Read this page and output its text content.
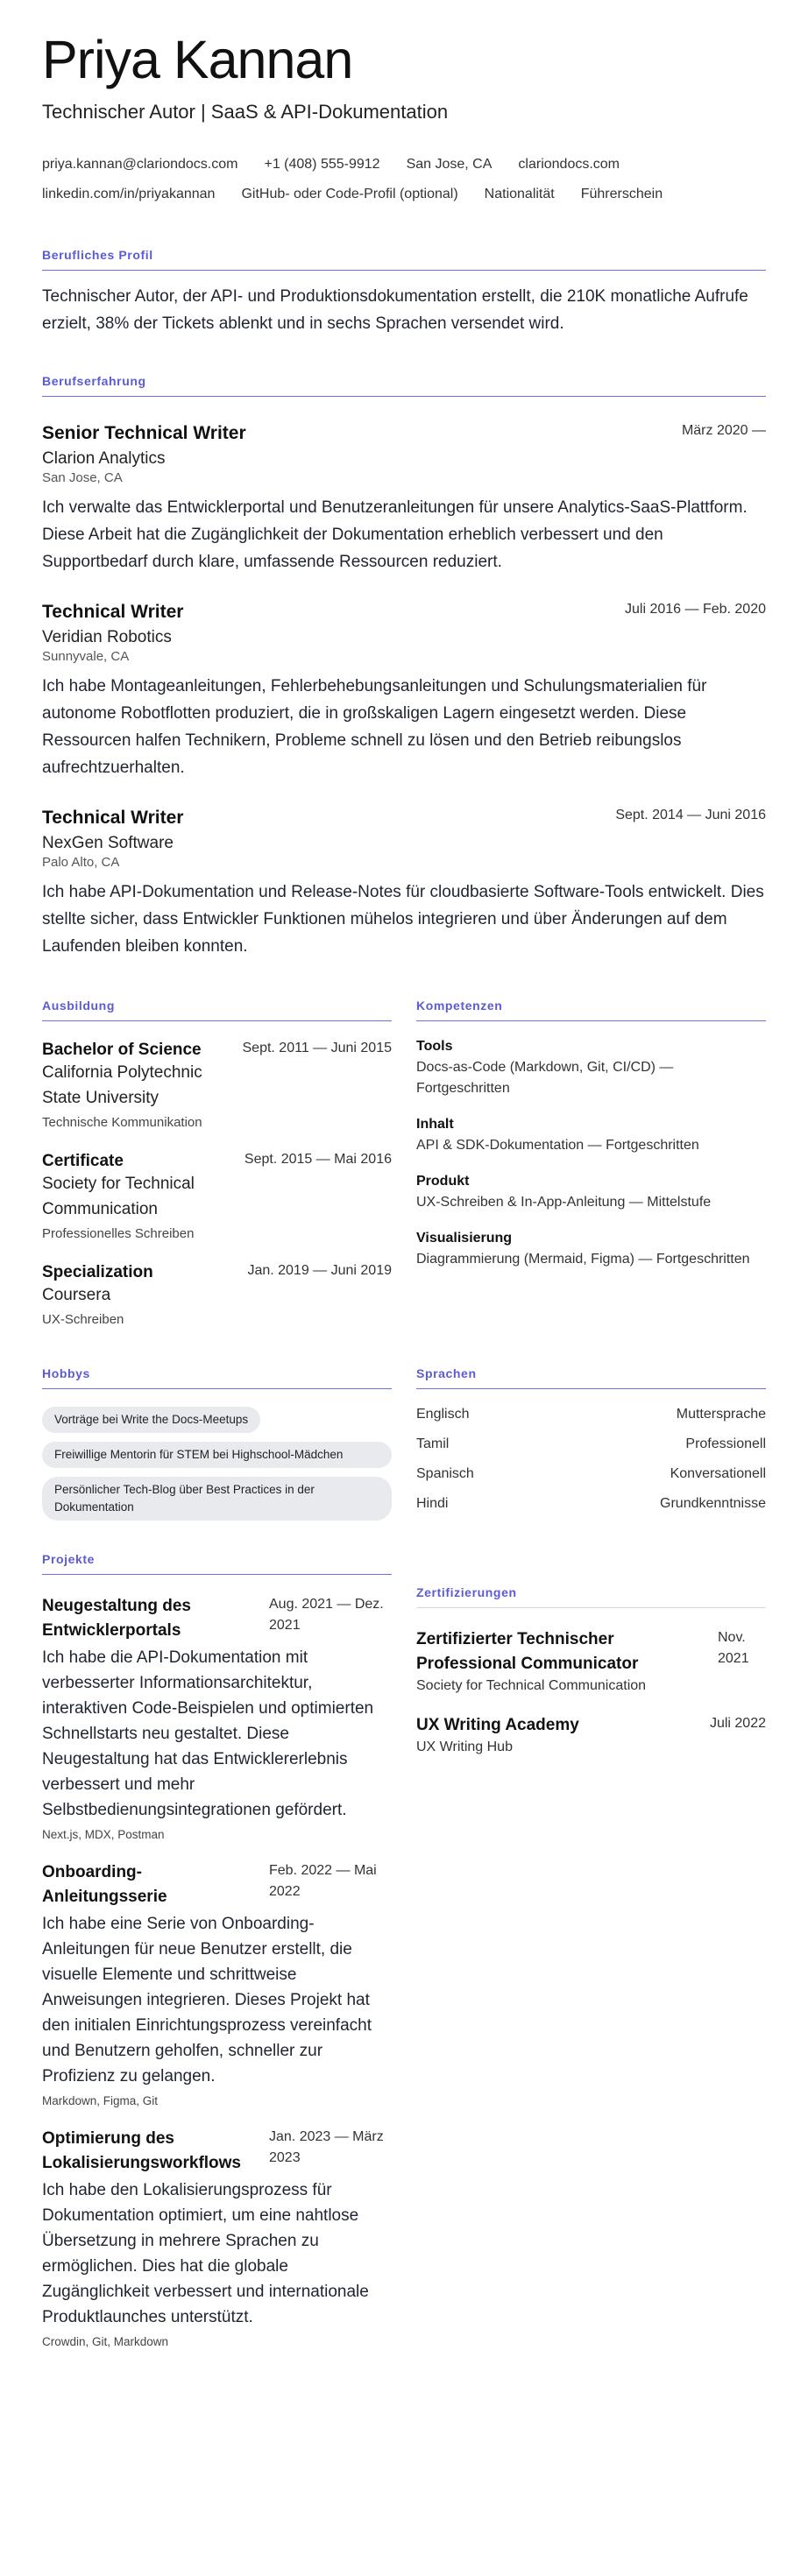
Priya Kannan
Technischer Autor | SaaS & API-Dokumentation
priya.kannan@clariondocs.com +1 (408) 555-9912 San Jose, CA clariondocs.com
linkedin.com/in/priyakannan GitHub- oder Code-Profil (optional) Nationalität Führerschein
Berufliches Profil
Technischer Autor, der API- und Produktionsdokumentation erstellt, die 210K monatliche Aufrufe erzielt, 38% der Tickets ablenkt und in sechs Sprachen versendet wird.
Berufserfahrung
Senior Technical Writer	März 2020 —
Clarion Analytics
San Jose, CA
Ich verwalte das Entwicklerportal und Benutzeranleitungen für unsere Analytics-SaaS-Plattform. Diese Arbeit hat die Zugänglichkeit der Dokumentation erheblich verbessert und den Supportbedarf durch klare, umfassende Ressourcen reduziert.
Technical Writer	Juli 2016 — Feb. 2020
Veridian Robotics
Sunnyvale, CA
Ich habe Montageanleitungen, Fehlerbehebungsanleitungen und Schulungsmaterialien für autonome Robotflotten produziert, die in großskaligen Lagern eingesetzt werden. Diese Ressourcen halfen Technikern, Probleme schnell zu lösen und den Betrieb reibungslos aufrechtzuerhalten.
Technical Writer	Sept. 2014 — Juni 2016
NexGen Software
Palo Alto, CA
Ich habe API-Dokumentation und Release-Notes für cloudbasierte Software-Tools entwickelt. Dies stellte sicher, dass Entwickler Funktionen mühelos integrieren und über Änderungen auf dem Laufenden bleiben konnten.
Ausbildung
Bachelor of Science
California Polytechnic State University
Technische Kommunikation
Sept. 2011 — Juni 2015
Certificate
Society for Technical Communication
Professionelles Schreiben
Sept. 2015 — Mai 2016
Specialization
Coursera
UX-Schreiben
Jan. 2019 — Juni 2019
Kompetenzen
Tools
Docs-as-Code (Markdown, Git, CI/CD) — Fortgeschritten
Inhalt
API & SDK-Dokumentation — Fortgeschritten
Produkt
UX-Schreiben & In-App-Anleitung — Mittelstufe
Visualisierung
Diagrammierung (Mermaid, Figma) — Fortgeschritten
Hobbys
Vorträge bei Write the Docs-Meetups
Freiwillige Mentorin für STEM bei Highschool-Mädchen
Persönlicher Tech-Blog über Best Practices in der Dokumentation
Sprachen
Englisch	Muttersprache
Tamil	Professionell
Spanisch	Konversationell
Hindi	Grundkenntnisse
Projekte
Neugestaltung des Entwicklerportals
Aug. 2021 — Dez. 2021
Ich habe die API-Dokumentation mit verbesserter Informationsarchitektur, interaktiven Code-Beispielen und optimierten Schnellstarts neu gestaltet. Diese Neugestaltung hat das Entwicklererlebnis verbessert und mehr Selbstbedienungsintegrationen gefördert.
Next.js, MDX, Postman
Onboarding-Anleitungsserie
Feb. 2022 — Mai 2022
Ich habe eine Serie von Onboarding-Anleitungen für neue Benutzer erstellt, die visuelle Elemente und schrittweise Anweisungen integrieren. Dieses Projekt hat den initialen Einrichtungsprozess vereinfacht und Benutzern geholfen, schneller zur Profizienz zu gelangen.
Markdown, Figma, Git
Optimierung des Lokalisierungsworkflows
Jan. 2023 — März 2023
Ich habe den Lokalisierungsprozess für Dokumentation optimiert, um eine nahtlose Übersetzung in mehrere Sprachen zu ermöglichen. Dies hat die globale Zugänglichkeit verbessert und internationale Produktlaunches unterstützt.
Crowdin, Git, Markdown
Zertifizierungen
Zertifizierter Technischer Professional Communicator
Nov. 2021
Society for Technical Communication
UX Writing Academy	Juli 2022
UX Writing Hub
